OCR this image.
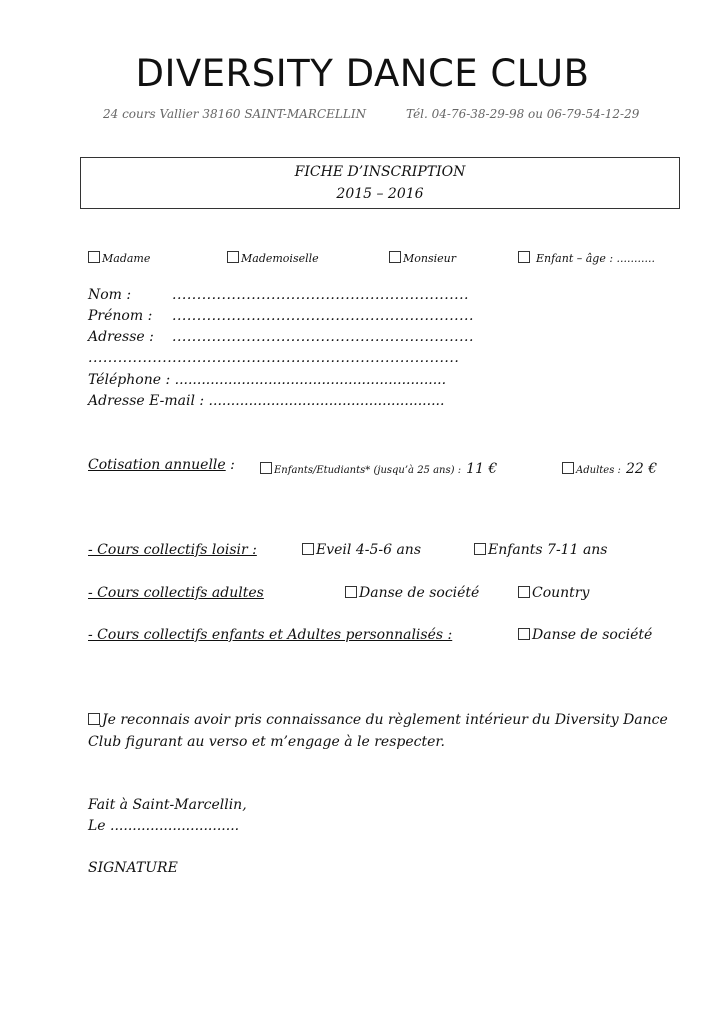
DIVERSITY DANCE CLUB
24 cours Vallier 38160 SAINT-MARCELLIN	Tél. 04-76-38-29-98 ou 06-79-54-12-29
FICHE D’INSCRIPTION
2015 – 2016
Madame	Mademoiselle	Monsieur	Enfant – âge : ...........
Nom :	............................................................
Prénom : .............................................................
Adresse : .............................................................
...........................................................................
Téléphone : .............................................................
Adresse E-mail : .....................................................
Cotisation annuelle :	Enfants/Etudiants* (jusqu’à 25 ans) : 11 €	Adultes : 22 €
- Cours collectifs loisir :	Eveil 4-5-6 ans	Enfants 7-11 ans
- Cours collectifs adultes	Danse de société	Country
- Cours collectifs enfants et Adultes personnalisés :	Danse de société
Je reconnais avoir pris connaissance du règlement intérieur du Diversity Dance
Club figurant au verso et m’engage à le respecter.
Fait à Saint-Marcellin,
Le .............................
SIGNATURE
